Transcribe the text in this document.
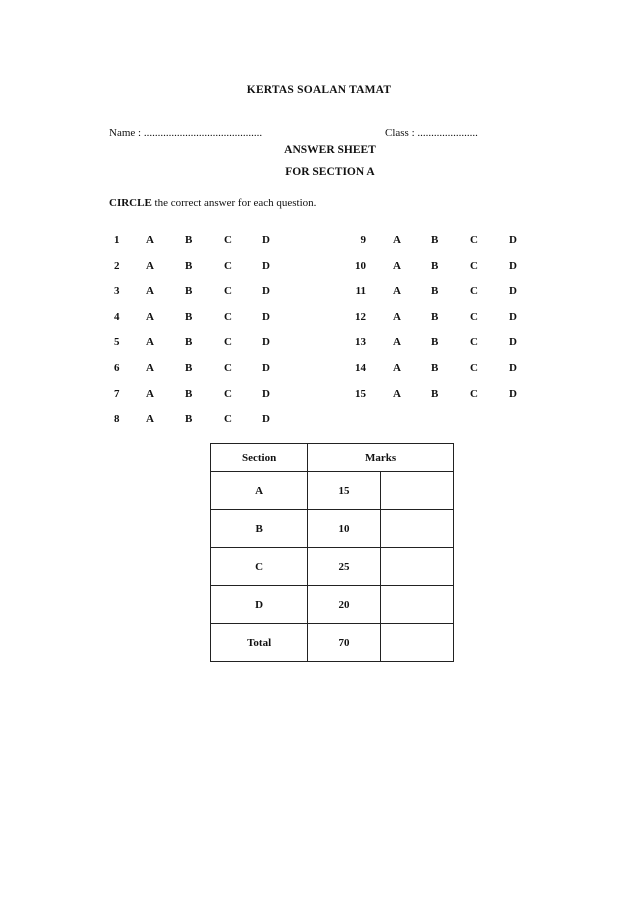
KERTAS SOALAN TAMAT
Name : ...........................................	Class : ......................
ANSWER SHEET
FOR SECTION A
CIRCLE the correct answer for each question.
1 A	B	C	D
2 A	B	C	D
3 A	B	C	D
4 A	B	C	D
5 A	B	C	D
6 A	B	C	D
7 A	B	C	D
8 A	B	C	D
9 A	B	C	D
10 A	B	C	D
11 A	B	C	D
12 A	B	C	D
13 A	B	C	D
14 A	B	C	D
15 A	B	C	D
Section	Marks	
A	15	
B	10	
C	25	
D	20	
Total	70	
